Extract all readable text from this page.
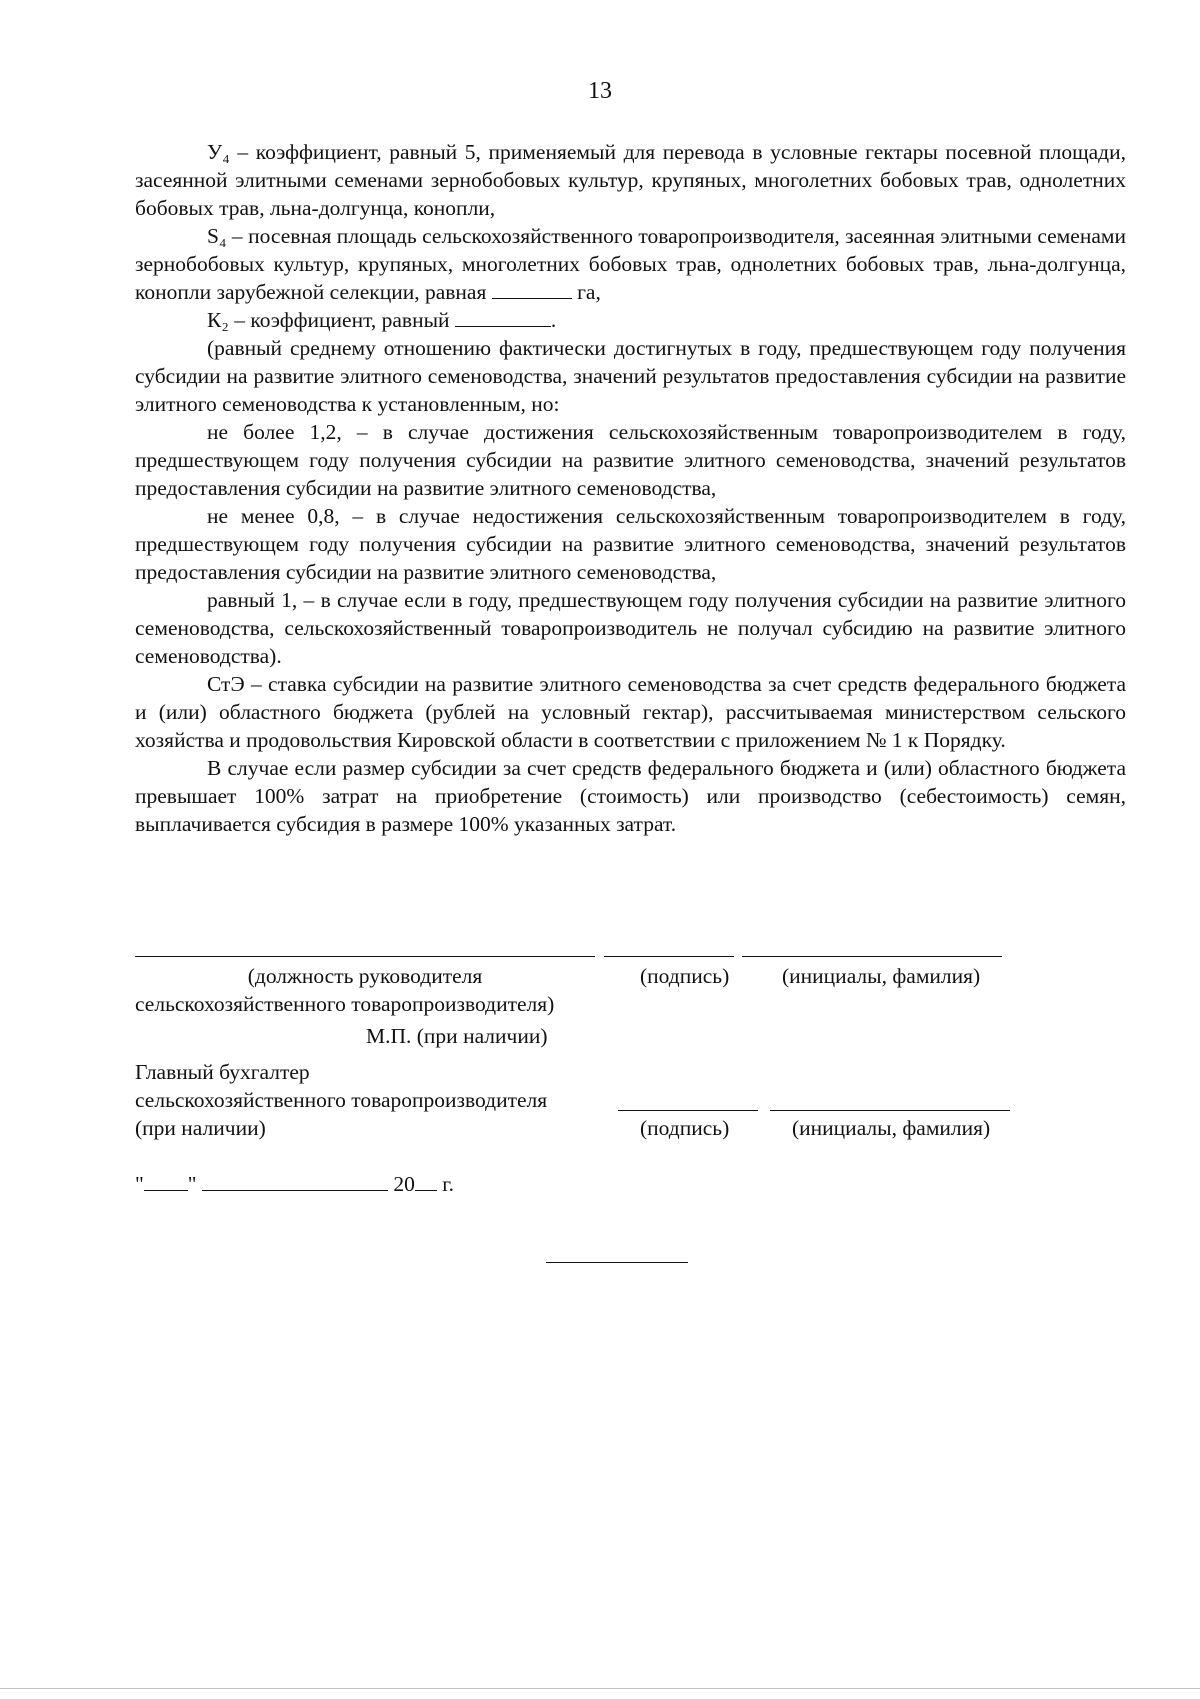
13

У₄ – коэффициент, равный 5, применяемый для перевода в условные гектары посевной площади, засеянной элитными семенами зернобобовых культур, крупяных, многолетних бобовых трав, однолетних бобовых трав, льна-долгунца, конопли,

S₄ – посевная площадь сельскохозяйственного товаропроизводителя, засеянная элитными семенами зернобобовых культур, крупяных, многолетних бобовых трав, однолетних бобовых трав, льна-долгунца, конопли зарубежной селекции, равная	га,

К₂ – коэффициент, равный	.

(равный среднему отношению фактически достигнутых в году, предшествующем году получения субсидии на развитие элитного семеноводства, значений результатов предоставления субсидии на развитие элитного семеноводства к установленным, но:

не более 1,2, – в случае достижения сельскохозяйственным товаропроизводителем в году, предшествующем году получения субсидии на развитие элитного семеноводства, значений результатов предоставления субсидии на развитие элитного семеноводства,

не менее 0,8, – в случае недостижения сельскохозяйственным товаропроизводителем в году, предшествующем году получения субсидии на развитие элитного семеноводства, значений результатов предоставления субсидии на развитие элитного семеноводства,

равный 1, – в случае если в году, предшествующем году получения субсидии на развитие элитного семеноводства, сельскохозяйственный товаропроизводитель не получал субсидию на развитие элитного семеноводства).

СтЭ – ставка субсидии на развитие элитного семеноводства за счет средств федерального бюджета и (или) областного бюджета (рублей на условный гектар), рассчитываемая министерством сельского хозяйства и продовольствия Кировской области в соответствии с приложением № 1 к Порядку.

В случае если размер субсидии за счет средств федерального бюджета и (или) областного бюджета превышает 100% затрат на приобретение (стоимость) или производство (себестоимость) семян, выплачивается субсидия в размере 100% указанных затрат.

(должность руководителя	(подпись) (инициалы, фамилия)
сельскохозяйственного товаропроизводителя)
М.П. (при наличии)
Главный бухгалтер
сельскохозяйственного товаропроизводителя
(при наличии)	(подпись)	(инициалы, фамилия)
" "	20 г.
